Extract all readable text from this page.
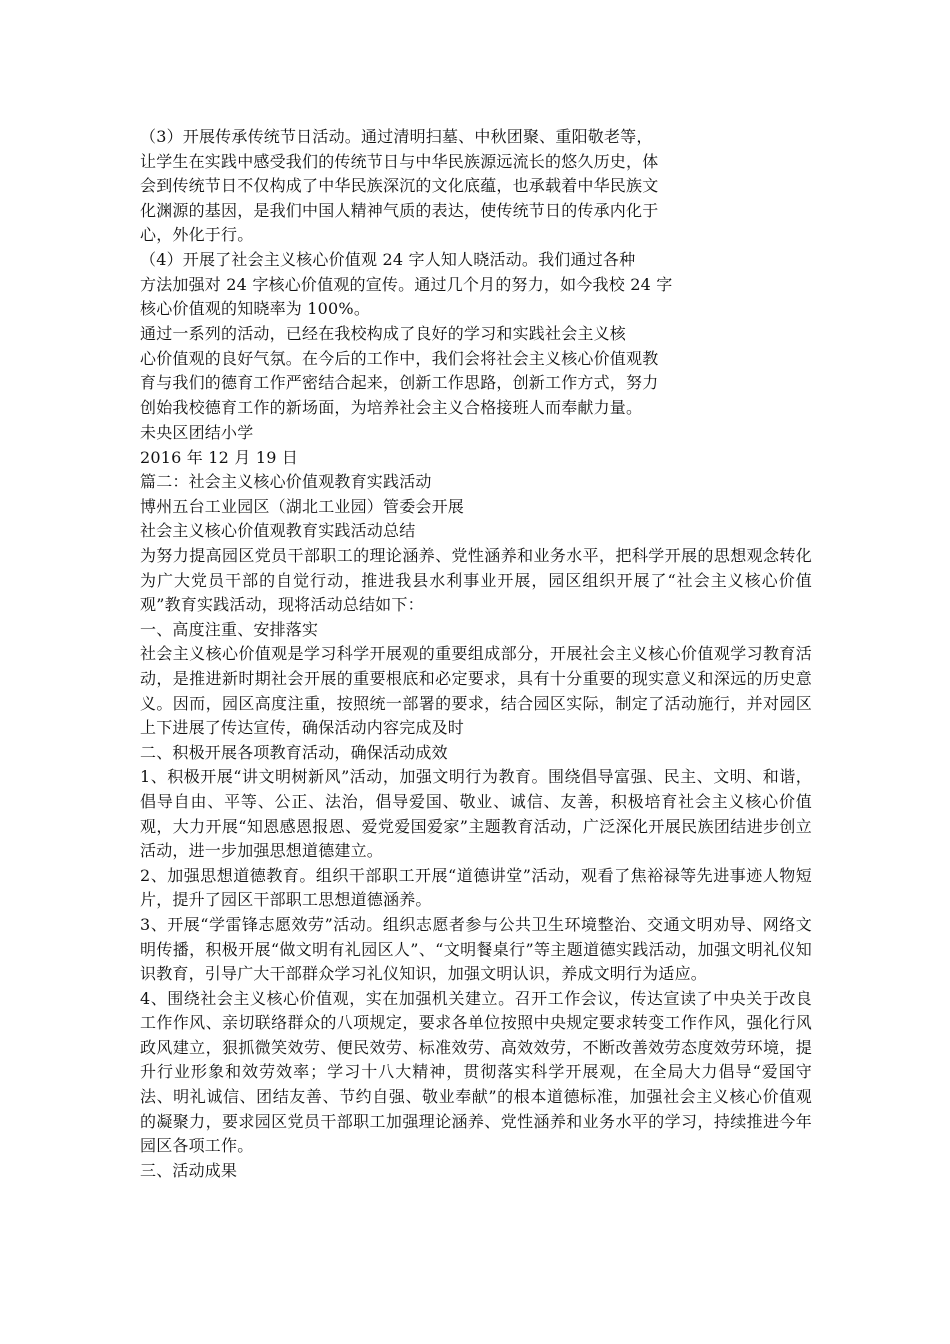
（3）开展传承传统节日活动。通过清明扫墓、中秋团聚、重阳敬老等，
让学生在实践中感受我们的传统节日与中华民族源远流长的悠久历史，体
会到传统节日不仅构成了中华民族深沉的文化底蕴，也承载着中华民族文
化渊源的基因，是我们中国人精神气质的表达，使传统节日的传承内化于
心，外化于行。
（4）开展了社会主义核心价值观 24 字人知人晓活动。我们通过各种
方法加强对 24 字核心价值观的宣传。通过几个月的努力，如今我校 24 字
核心价值观的知晓率为 100%。
通过一系列的活动，已经在我校构成了良好的学习和实践社会主义核
心价值观的良好气氛。在今后的工作中，我们会将社会主义核心价值观教
育与我们的德育工作严密结合起来，创新工作思路，创新工作方式，努力
创始我校德育工作的新场面，为培养社会主义合格接班人而奉献力量。
未央区团结小学
2016 年 12 月 19 日
篇二：社会主义核心价值观教育实践活动
博州五台工业园区（湖北工业园）管委会开展
社会主义核心价值观教育实践活动总结
为努力提高园区党员干部职工的理论涵养、党性涵养和业务水平，把科学开展的思想观念转化为广大党员干部的自觉行动，推进我县水利事业开展，园区组织开展了“社会主义核心价值观”教育实践活动，现将活动总结如下：
一、高度注重、安排落实
社会主义核心价值观是学习科学开展观的重要组成部分，开展社会主义核心价值观学习教育活动，是推进新时期社会开展的重要根底和必定要求，具有十分重要的现实意义和深远的历史意义。因而，园区高度注重，按照统一部署的要求，结合园区实际，制定了活动施行，并对园区上下进展了传达宣传，确保活动内容完成及时
二、积极开展各项教育活动，确保活动成效
1、积极开展“讲文明树新风”活动，加强文明行为教育。围绕倡导富强、民主、文明、和谐，倡导自由、平等、公正、法治，倡导爱国、敬业、诚信、友善，积极培育社会主义核心价值观，大力开展“知恩感恩报恩、爱党爱国爱家”主题教育活动，广泛深化开展民族团结进步创立活动，进一步加强思想道德建立。
2、加强思想道德教育。组织干部职工开展“道德讲堂”活动，观看了焦裕禄等先进事迹人物短片，提升了园区干部职工思想道德涵养。
3、开展“学雷锋志愿效劳”活动。组织志愿者参与公共卫生环境整治、交通文明劝导、网络文明传播，积极开展“做文明有礼园区人”、“文明餐桌行”等主题道德实践活动，加强文明礼仪知识教育，引导广大干部群众学习礼仪知识，加强文明认识，养成文明行为适应。
4、围绕社会主义核心价值观，实在加强机关建立。召开工作会议，传达宣读了中央关于改良工作作风、亲切联络群众的八项规定，要求各单位按照中央规定要求转变工作作风，强化行风政风建立，狠抓微笑效劳、便民效劳、标准效劳、高效效劳，不断改善效劳态度效劳环境，提升行业形象和效劳效率；学习十八大精神，贯彻落实科学开展观，在全局大力倡导“爱国守法、明礼诚信、团结友善、节约自强、敬业奉献”的根本道德标准，加强社会主义核心价值观的凝聚力，要求园区党员干部职工加强理论涵养、党性涵养和业务水平的学习，持续推进今年园区各项工作。
三、活动成果
